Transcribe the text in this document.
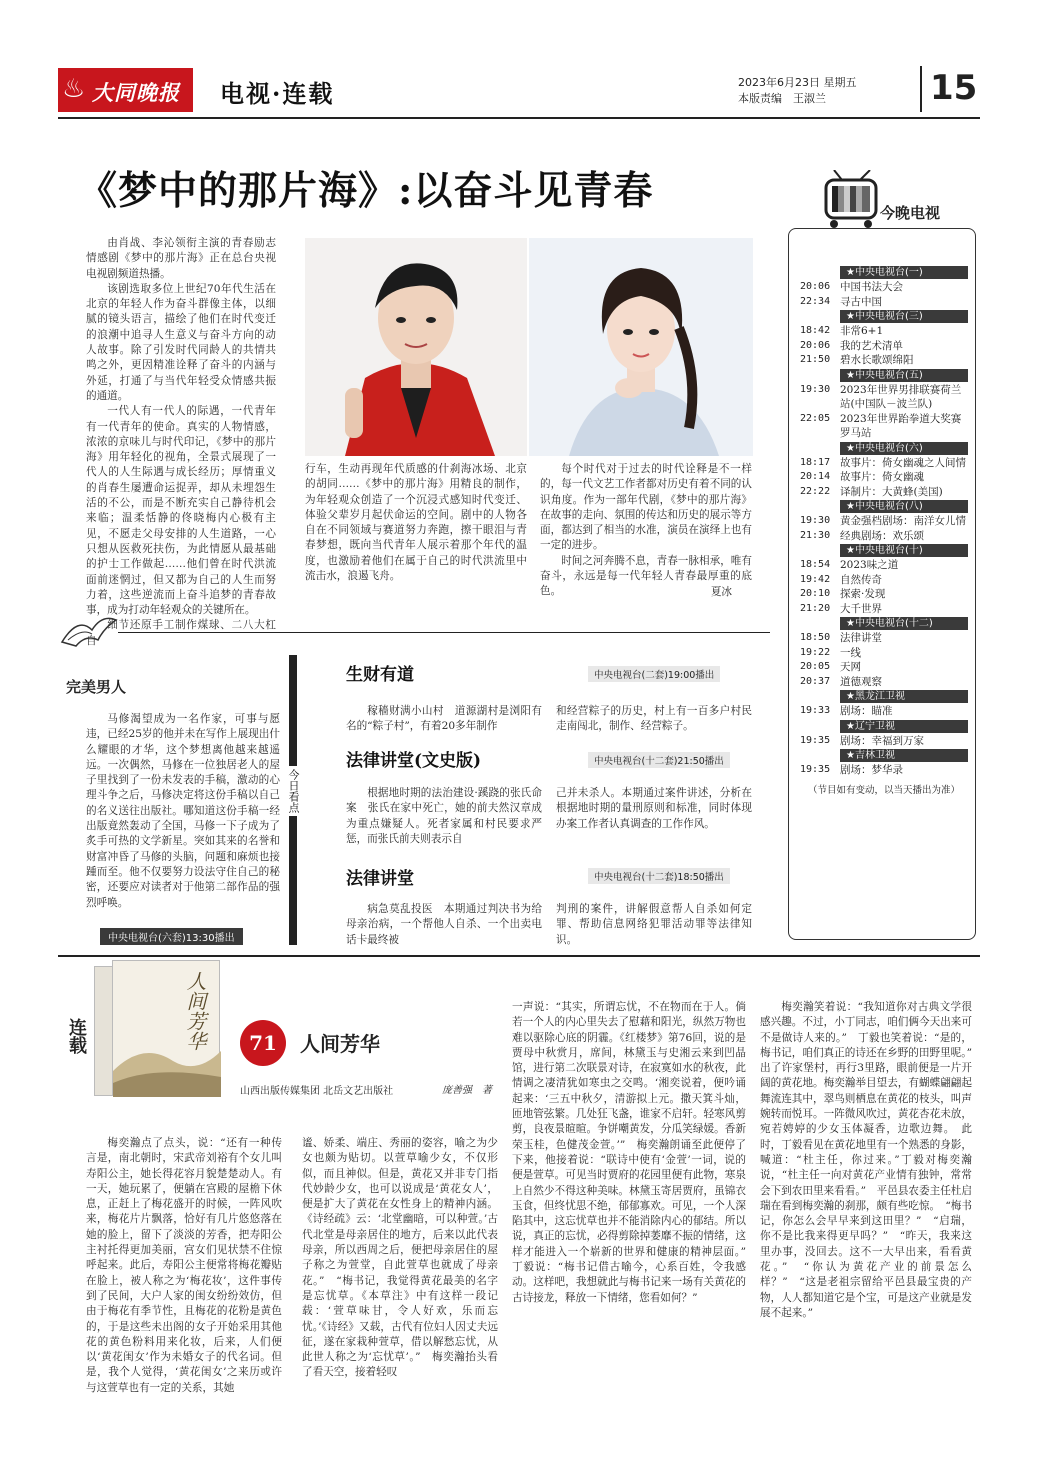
♨ 大同晚报 电视·连载	2023年6月23日 星期五
本版责编　王淑兰	15
《梦中的那片海》:以奋斗见青春	今晚电视

由肖战、李沁领衔主演的青春励志情感剧《梦中的那片海》正在总台央视电视剧频道热播。

该剧选取多位上世纪70年代生活在北京的年轻人作为奋斗群像主体，以细腻的镜头语言，描绘了他们在时代变迁的浪潮中追寻人生意义与奋斗方向的动人故事。除了引发时代同龄人的共情共鸣之外，更因精准诠释了奋斗的内涵与外延，打通了与当代年轻受众情感共振的通道。

一代人有一代人的际遇，一代青年有一代青年的使命。真实的人物情感，浓浓的京味儿与时代印记，《梦中的那片海》用年轻化的视角，全景式展现了一代人的人生际遇与成长经历；厚情重义的肖春生屡遭命运捉弄，却从未埋怨生活的不公，而是不断充实自己静待机会来临；温柔恬静的佟晓梅内心极有主见，不愿走父母安排的人生道路，一心只想从医救死扶伤，为此情愿从最基础的护士工作做起……他们曾在时代洪流面前迷惘过，但又都为自己的人生而努力着，这些逆流而上奋斗追梦的青春故事，成为打动年轻观众的关键所在。

细节还原手工制作煤球、二八大杠自

行车，生动再现年代质感的什刹海冰场、北京的胡同……《梦中的那片海》用精良的制作，为年轻观众创造了一个沉浸式感知时代变迁、体验父辈岁月起伏命运的空间。剧中的人物各自在不同领域与赛道努力奔跑，擦干眼泪与青春梦想，既向当代青年人展示着那个年代的温度，也激励着他们在属于自己的时代洪流里中流击水，浪遏飞舟。

每个时代对于过去的时代诠释是不一样的，每一代文艺工作者都对历史有着不同的认识角度。作为一部年代剧，《梦中的那片海》在故事的走向、氛围的传达和历史的展示等方面，都达到了相当的水准，演员在演绎上也有一定的进步。

时间之河奔腾不息，青春一脉相承，唯有奋斗，永远是每一代年轻人青春最厚重的底色。	夏冰
★中央电视台(一)
20:06 中国书法大会
22:34 寻古中国
★中央电视台(三)
18:42 非常6+1
20:06 我的艺术清单
21:50 碧水长歌颂绵阳
★中央电视台(五)
19:30 2023年世界男排联赛荷兰站(中国队－波兰队)
22:05 2023年世界跆拳道大奖赛罗马站
★中央电视台(六)
18:17 故事片：倚女幽魂之人间情
20:14 故事片：倚女幽魂
22:22 译制片：大黄蜂(美国)
★中央电视台(八)
19:30 黄金强档剧场：南洋女儿情
21:30 经典剧场：欢乐颂
★中央电视台(十)
18:54 2023味之道
19:42 自然传奇
20:10 探索·发现
21:20 大千世界
★中央电视台(十二)
18:50 法律讲堂
19:22 一线
20:05 天网
20:37 道德观察
★黑龙江卫视
19:33 剧场：瞄准
★辽宁卫视
19:35 剧场：幸福到万家
★吉林卫视
19:35 剧场：梦华录
（节目如有变动，以当天播出为准）
完美男人

马修渴望成为一名作家，可事与愿违，已经25岁的他并未在写作上展现出什么耀眼的才华，这个梦想离他越来越遥远。一次偶然，马修在一位独居老人的屋子里找到了一份未发表的手稿，激动的心理斗争之后，马修决定将这份手稿以自己的名义送往出版社。哪知道这份手稿一经出版竟然轰动了全国，马修一下子成为了炙手可热的文学新星。突如其来的名誉和财富冲昏了马修的头脑，问题和麻烦也接踵而至。他不仅要努力设法守住自己的秘密，还要应对读者对于他第二部作品的强烈呼唤。

中央电视台(六套)13:30播出
今日看点
生财有道	中央电视台(二套)19:00播出
稼穑财满小山村　道源湖村是浏阳有名的“粽子村”，有着20多年制作
和经营粽子的历史，村上有一百多户村民走南闯北，制作、经营粽子。
法律讲堂(文史版)	中央电视台(十二套)21:50播出
根据地时期的法治建设·蹊跷的张氏命案　张氏在家中死亡，她的前夫然汉章成为重点嫌疑人。死者家属和村民要求严惩，而张氏前夫则表示自
己并未杀人。本期通过案件讲述，分析在根据地时期的量刑原则和标准，同时体现办案工作者认真调查的工作作风。
法律讲堂	中央电视台(十二套)18:50播出
病急莫乱投医　本期通过判决书为给母亲治病，一个帮他人自杀、一个出卖电话卡最终被
判刑的案件，讲解假意帮人自杀如何定罪、帮助信息网络犯罪活动罪等法律知识。
连载	人间芳华	71	人间芳华
山西出版传媒集团 北岳文艺出版社	庞善强　著

梅奕瀚点了点头，说：“还有一种传言是，南北朝时，宋武帝刘裕有个女儿叫寿阳公主，她长得花容月貌楚楚动人。有一天，她玩累了，便躺在宫殿的屋檐下休息，正赶上了梅花盛开的时候，一阵风吹来，梅花片片飘落，恰好有几片悠悠落在她的脸上，留下了淡淡的芳香，把寿阳公主衬托得更加美丽，宫女们见状禁不住惊呼起来。此后，寿阳公主便常将梅花瓣贴在脸上，被人称之为‘梅花妆’，这件事传到了民间，大户人家的闺女纷纷效仿，但由于梅花有季节性，且梅花的花粉是黄色的，于是这些未出阁的女子开始采用其他花的黄色粉料用来化妆，后来，人们便以‘黄花闺女’作为未婚女子的代名词。但是，我个人觉得，‘黄花闺女’之来历或许与这萱草也有一定的关系，其她

谧、娇柔、端庄、秀丽的姿容，喻之为少女也颇为贴切。以萱草喻少女，不仅形似，而且神似。但是，黄花又并非专门指代妙龄少女，也可以说成是‘黄花女人’，便是扩大了黄花在女性身上的精神内涵。《诗经疏》云：‘北堂幽暗，可以种萱。’古代北堂是母亲居住的地方，后来以此代表母亲，所以西周之后，便把母亲居住的屋子称之为萱堂，自此萱草也就成了母亲花。”　“梅书记，我觉得黄花最美的名字是忘忧草。《本草注》中有这样一段记载：‘萱草味甘，令人好欢，乐而忘忧。’《诗经》又载，古代有位妇人因丈夫远征，遂在家栽种萱草，借以解愁忘忧，从此世人称之为‘忘忧草’。”　梅奕瀚抬头看了看天空，接着轻叹

一声说：“其实，所谓忘忧，不在物而在于人。倘若一个人的内心里失去了慰藉和阳光，纵然万物也难以驱除心底的阴霾。《红楼梦》第76回，说的是贾母中秋赏月，席间，林黛玉与史湘云来到凹晶馆，进行第二次联景对诗，在寂寞如水的秋夜，此情调之凄清犹如寒虫之交鸣。‘湘奕说着，便吟诵起来：‘三五中秋夕，清游拟上元。撒天箕斗灿，匝地管弦繁。几处狂飞盏，谁家不启轩。轻寒风剪剪，良夜景暄暄。争饼嘲黄发，分瓜笑绿媛。香新荣玉桂，色健茂金萱。’”　梅奕瀚朗诵至此便停了下来，他接着说：“联诗中使有‘金萱’一词，说的便是萱草。可见当时贾府的花园里便有此物，寒泉上自然少不得这种美味。林黛玉寄居贾府，虽锦衣玉食，但终忧思不绝，郁郁寡欢。可见，一个人深陷其中，这忘忧草也并不能消除内心的郁结。所以说，真正的忘忧，必得剪除掉萎靡不振的情绪，这样才能进入一个崭新的世界和健康的精神层面。”　丁毅说：“梅书记借古喻今，心系百姓，令我感动。这样吧，我想就此与梅书记来一场有关黄花的古诗接龙，释放一下情绪，您看如何？”

梅奕瀚笑着说：“我知道你对古典文学很感兴趣。不过，小丁同志，咱们俩今天出来可不是做诗人来的。”　丁毅也笑着说：“是的，梅书记，咱们真正的诗还在乡野的田野里呢。”　出了许家堡村，再行3里路，眼前便是一片开阔的黄花地。梅奕瀚举目望去，有蝴蝶翩翩起舞流连其中，翠鸟则栖息在黄花的枝头，叫声婉转而悦耳。一阵微风吹过，黄花杏花未放，宛若娉婷的少女玉体凝香，边歌边舞。　此时，丁毅看见在黄花地里有一个熟悉的身影，喊道：“杜主任，你过来。”丁毅对梅奕瀚说，“杜主任一向对黄花产业情有独钟，常常会下到农田里来看看。”　平邑县农委主任杜启瑞在看到梅奕瀚的刹那，颇有些吃惊。　“梅书记，你怎么会早早来到这田里？”　“启瑞，你不是比我来得更早吗？”　“昨天，我来这里办事，没回去。这不一大早出来，看看黄花。”　“你认为黄花产业的前景怎么样？”　“这是老祖宗留给平邑县最宝贵的产物，人人都知道它是个宝，可是这产业就是发展不起来。”
